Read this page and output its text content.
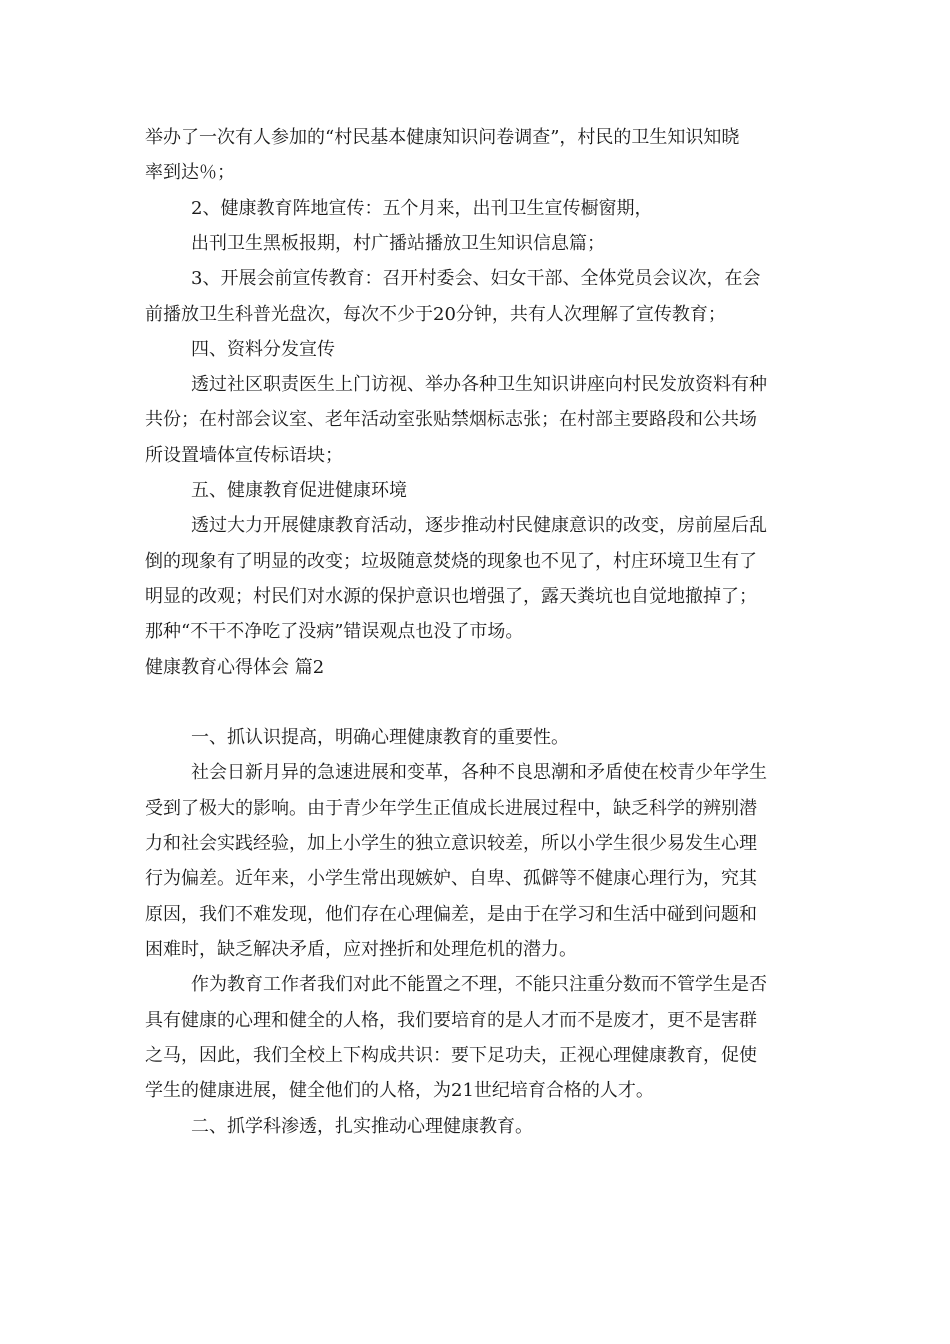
举办了一次有人参加的“村民基本健康知识问卷调查”，村民的卫生知识知晓
率到达％；
2、健康教育阵地宣传：五个月来，出刊卫生宣传橱窗期，
出刊卫生黑板报期，村广播站播放卫生知识信息篇；
3、开展会前宣传教育：召开村委会、妇女干部、全体党员会议次，在会
前播放卫生科普光盘次，每次不少于20分钟，共有人次理解了宣传教育；
四、资料分发宣传
透过社区职责医生上门访视、举办各种卫生知识讲座向村民发放资料有种
共份；在村部会议室、老年活动室张贴禁烟标志张；在村部主要路段和公共场
所设置墙体宣传标语块；
五、健康教育促进健康环境
透过大力开展健康教育活动，逐步推动村民健康意识的改变，房前屋后乱
倒的现象有了明显的改变；垃圾随意焚烧的现象也不见了，村庄环境卫生有了
明显的改观；村民们对水源的保护意识也增强了，露天粪坑也自觉地撤掉了；
那种“不干不净吃了没病”错误观点也没了市场。
健康教育心得体会 篇2
一、抓认识提高，明确心理健康教育的重要性。
社会日新月异的急速进展和变革，各种不良思潮和矛盾使在校青少年学生
受到了极大的影响。由于青少年学生正值成长进展过程中，缺乏科学的辨别潜
力和社会实践经验，加上小学生的独立意识较差，所以小学生很少易发生心理
行为偏差。近年来，小学生常出现嫉妒、自卑、孤僻等不健康心理行为，究其
原因，我们不难发现，他们存在心理偏差，是由于在学习和生活中碰到问题和
困难时，缺乏解决矛盾，应对挫折和处理危机的潜力。
作为教育工作者我们对此不能置之不理，不能只注重分数而不管学生是否
具有健康的心理和健全的人格，我们要培育的是人才而不是废才，更不是害群
之马，因此，我们全校上下构成共识：要下足功夫，正视心理健康教育，促使
学生的健康进展，健全他们的人格，为21世纪培育合格的人才。
二、抓学科渗透，扎实推动心理健康教育。
